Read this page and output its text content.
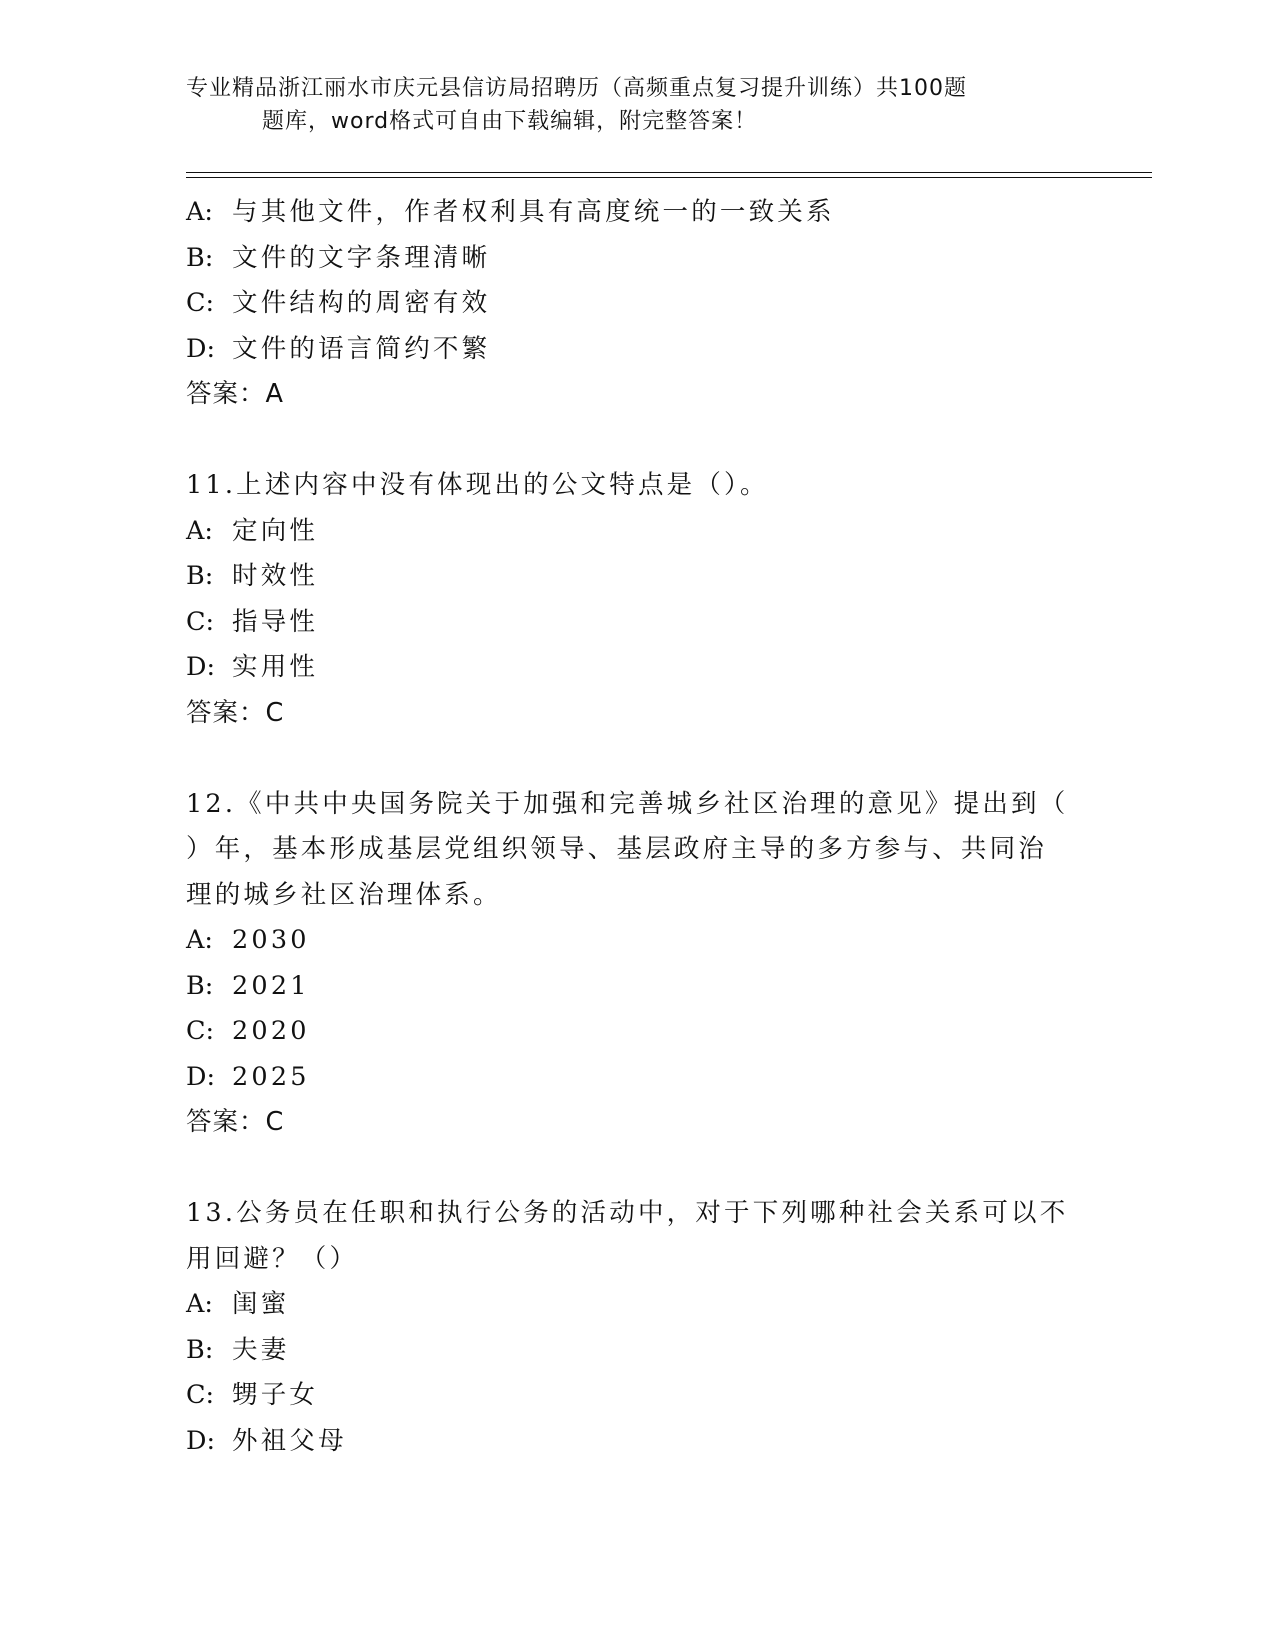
专业精品浙江丽水市庆元县信访局招聘历（高频重点复习提升训练）共100题
题库，word格式可自由下载编辑，附完整答案！
A: 与其他文件，作者权利具有高度统一的一致关系
B: 文件的文字条理清晰
C: 文件结构的周密有效
D: 文件的语言简约不繁
答案：A
11.上述内容中没有体现出的公文特点是（）。
A: 定向性
B: 时效性
C: 指导性
D: 实用性
答案：C
12.《中共中央国务院关于加强和完善城乡社区治理的意见》提出到（
）年，基本形成基层党组织领导、基层政府主导的多方参与、共同治
理的城乡社区治理体系。
A: 2030
B: 2021
C: 2020
D: 2025
答案：C
13.公务员在任职和执行公务的活动中，对于下列哪种社会关系可以不
用回避？（）
A: 闺蜜
B: 夫妻
C: 甥子女
D: 外祖父母
